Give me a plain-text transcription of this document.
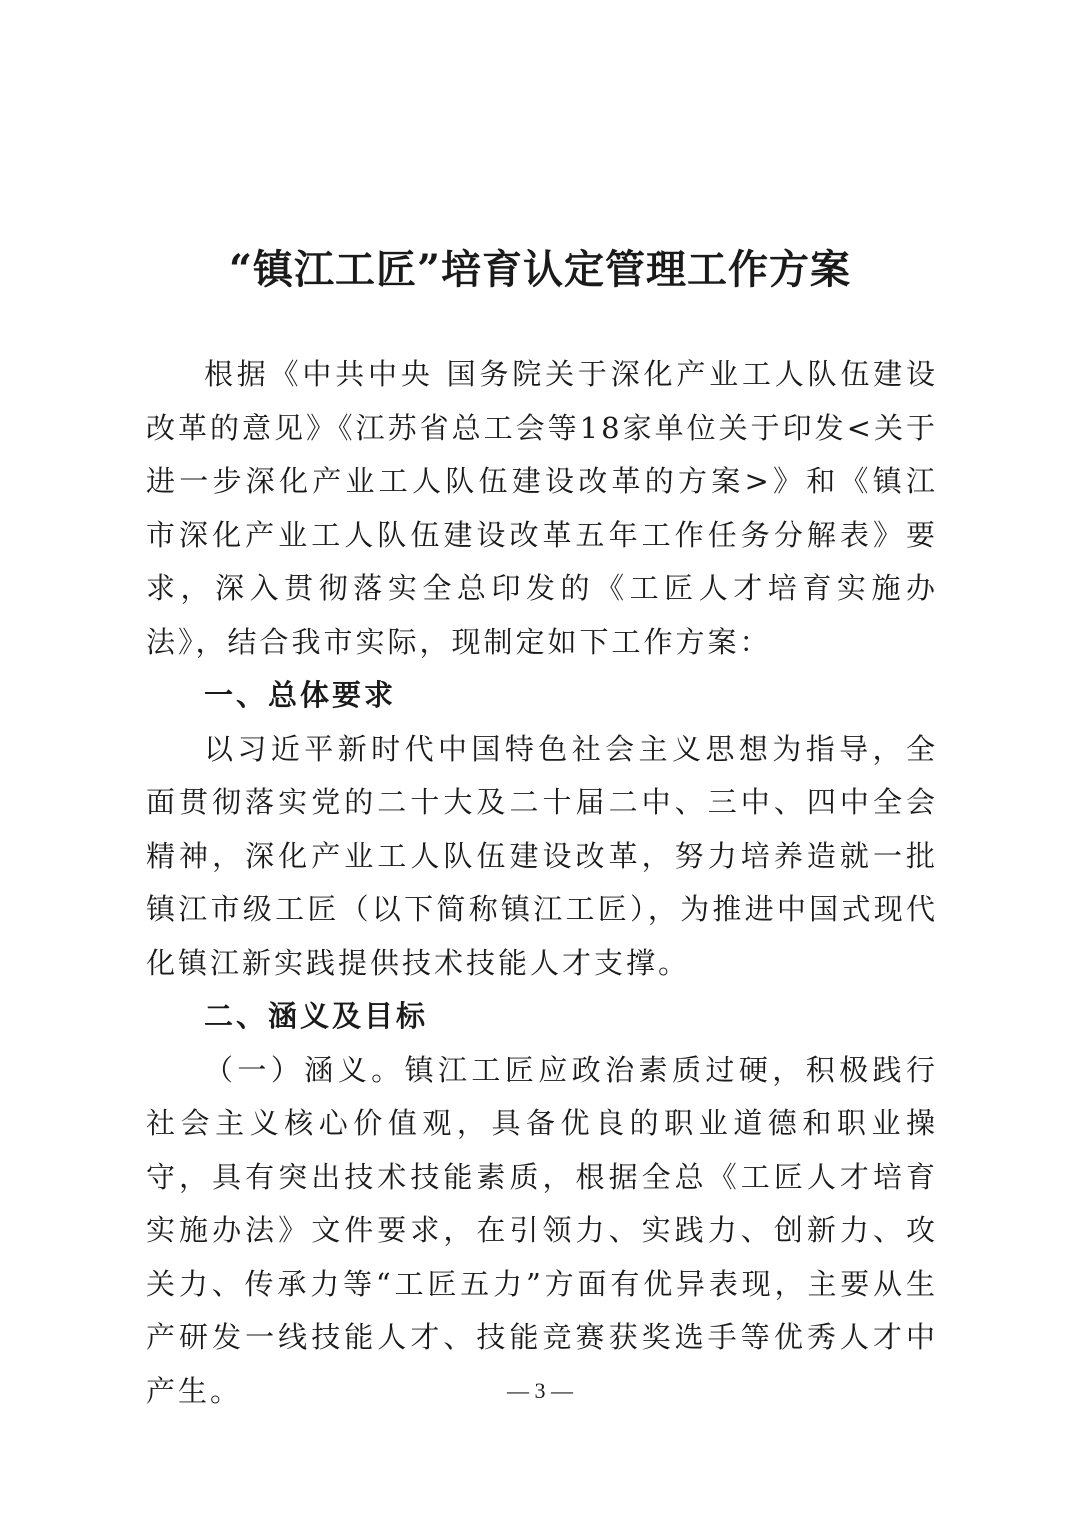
“镇江工匠”培育认定管理工作方案

根据《中共中央 国务院关于深化产业工人队伍建设改革的意见》《江苏省总工会等18家单位关于印发<关于进一步深化产业工人队伍建设改革的方案>》和《镇江市深化产业工人队伍建设改革五年工作任务分解表》要求，深入贯彻落实全总印发的《工匠人才培育实施办法》，结合我市实际，现制定如下工作方案：

一、总体要求

以习近平新时代中国特色社会主义思想为指导，全面贯彻落实党的二十大及二十届二中、三中、四中全会精神，深化产业工人队伍建设改革，努力培养造就一批镇江市级工匠（以下简称镇江工匠），为推进中国式现代化镇江新实践提供技术技能人才支撑。

二、涵义及目标

（一）涵义。镇江工匠应政治素质过硬，积极践行社会主义核心价值观，具备优良的职业道德和职业操守，具有突出技术技能素质，根据全总《工匠人才培育实施办法》文件要求，在引领力、实践力、创新力、攻关力、传承力等“工匠五力”方面有优异表现，主要从生产研发一线技能人才、技能竞赛获奖选手等优秀人才中产生。	— 3 —
